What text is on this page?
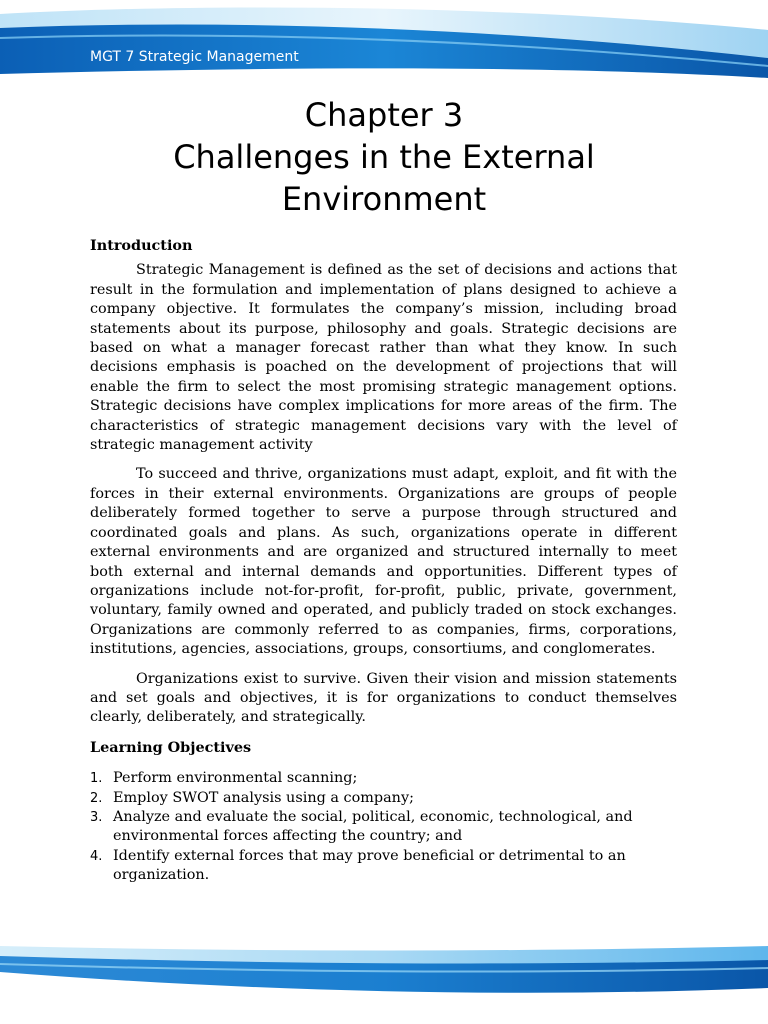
MGT 7 Strategic Management
Chapter 3
Challenges in the External
Environment
Introduction

Strategic Management is defined as the set of decisions and actions that result in the formulation and implementation of plans designed to achieve a company objective. It formulates the company’s mission, including broad statements about its purpose, philosophy and goals. Strategic decisions are based on what a manager forecast rather than what they know. In such decisions emphasis is poached on the development of projections that will enable the firm to select the most promising strategic management options. Strategic decisions have complex implications for more areas of the firm. The characteristics of strategic management decisions vary with the level of strategic management activity

To succeed and thrive, organizations must adapt, exploit, and fit with the forces in their external environments. Organizations are groups of people deliberately formed together to serve a purpose through structured and coordinated goals and plans. As such, organizations operate in different external environments and are organized and structured internally to meet both external and internal demands and opportunities. Different types of organizations include not-for-profit, for-profit, public, private, government, voluntary, family owned and operated, and publicly traded on stock exchanges. Organizations are commonly referred to as companies, firms, corporations, institutions, agencies, associations, groups, consortiums, and conglomerates.

Organizations exist to survive. Given their vision and mission statements and set goals and objectives, it is for organizations to conduct themselves clearly, deliberately, and strategically.

Learning Objectives
1. Perform environmental scanning;
2. Employ SWOT analysis using a company;
3. Analyze and evaluate the social, political, economic, technological, and environmental forces affecting the country; and
4. Identify external forces that may prove beneficial or detrimental to an organization.
